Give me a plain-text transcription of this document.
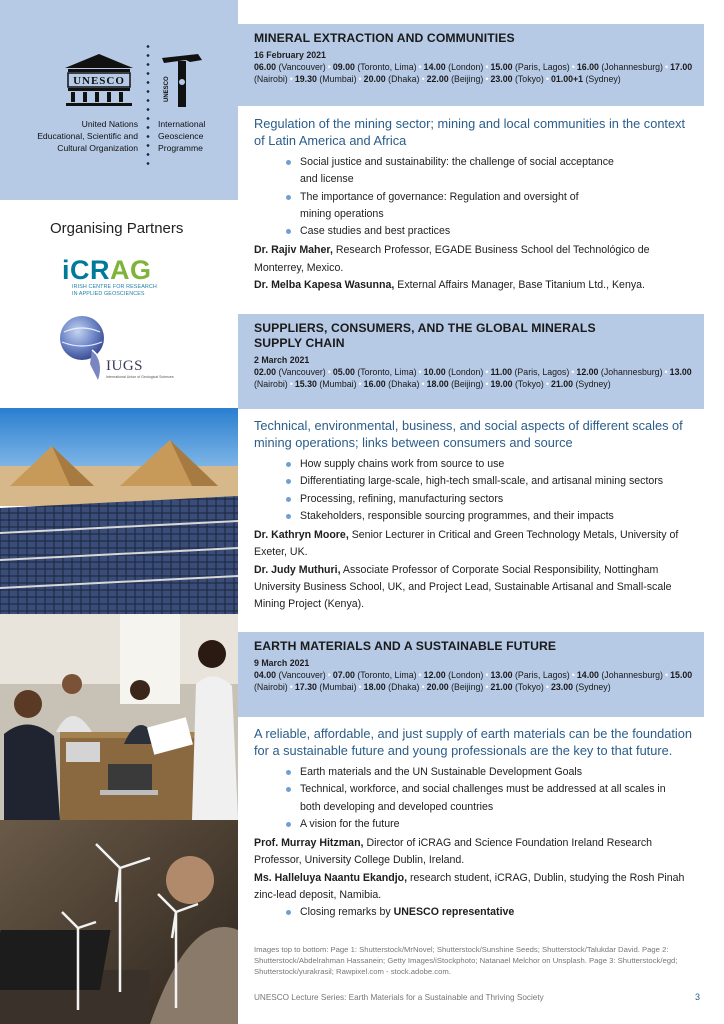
UNESCO	UNESCO
United Nations
Educational, Scientific and
Cultural Organization
International
Geoscience
Programme
Organising Partners
iCRAG
IRISH CENTRE FOR RESEARCH
IN APPLIED GEOSCIENCES
IUGS
International Union of Geological Sciences
MINERAL EXTRACTION AND COMMUNITIES
16 February 2021
06.00 (Vancouver) • 09.00 (Toronto, Lima) • 14.00 (London) • 15.00 (Paris, Lagos) • 16.00 (Johannesburg) • 17.00 (Nairobi) • 19.30 (Mumbai) • 20.00 (Dhaka) • 22.00 (Beijing) • 23.00 (Tokyo) • 01.00+1 (Sydney)
Regulation of the mining sector; mining and local communities in the context of Latin America and Africa
Social justice and sustainability: the challenge of social acceptance
and license
The importance of governance: Regulation and oversight of
mining operations
Case studies and best practices
Dr. Rajiv Maher, Research Professor, EGADE Business School del Technológico de Monterrey, Mexico.
Dr. Melba Kapesa Wasunna, External Affairs Manager, Base Titanium Ltd., Kenya.
SUPPLIERS, CONSUMERS, AND THE GLOBAL MINERALS
SUPPLY CHAIN
2 March 2021
02.00 (Vancouver) • 05.00 (Toronto, Lima) • 10.00 (London) • 11.00 (Paris, Lagos) • 12.00 (Johannesburg) • 13.00 (Nairobi) • 15.30 (Mumbai) • 16.00 (Dhaka) • 18.00 (Beijing) • 19.00 (Tokyo) • 21.00 (Sydney)
Technical, environmental, business, and social aspects of different scales of mining operations; links between consumers and source
How supply chains work from source to use
Differentiating large-scale, high-tech small-scale, and artisanal mining sectors
Processing, refining, manufacturing sectors
Stakeholders, responsible sourcing programmes, and their impacts
Dr. Kathryn Moore, Senior Lecturer in Critical and Green Technology Metals, University of Exeter, UK.
Dr. Judy Muthuri, Associate Professor of Corporate Social Responsibility, Nottingham University Business School, UK, and Project Lead, Sustainable Artisanal and Small-scale Mining Project (Kenya).
EARTH MATERIALS AND A SUSTAINABLE FUTURE
9 March 2021
04.00 (Vancouver) • 07.00 (Toronto, Lima) • 12.00 (London) • 13.00 (Paris, Lagos) • 14.00 (Johannesburg) • 15.00 (Nairobi) • 17.30 (Mumbai) • 18.00 (Dhaka) • 20.00 (Beijing) • 21.00 (Tokyo) • 23.00 (Sydney)
A reliable, affordable, and just supply of earth materials can be the foundation for a sustainable future and young professionals are the key to that future.
Earth materials and the UN Sustainable Development Goals
Technical, workforce, and social challenges must be addressed at all scales in
both developing and developed countries
A vision for the future
Prof. Murray Hitzman, Director of iCRAG and Science Foundation Ireland Research Professor, University College Dublin, Ireland.
Ms. Halleluya Naantu Ekandjo, research student, iCRAG, Dublin, studying the Rosh Pinah zinc-lead deposit, Namibia.
Closing remarks by UNESCO representative
Images top to bottom: Page 1: Shutterstock/MrNovel; Shutterstock/Sunshine Seeds; Shutterstock/Talukdar David. Page 2: Shutterstock/Abdelrahman Hassanein; Getty Images/iStockphoto; Natanael Melchor on Unsplash. Page 3: Shutterstock/egd; Shutterstock/yurakrasil; Rawpixel.com - stock.adobe.com.
UNESCO Lecture Series: Earth Materials for a Sustainable and Thriving Society	3
